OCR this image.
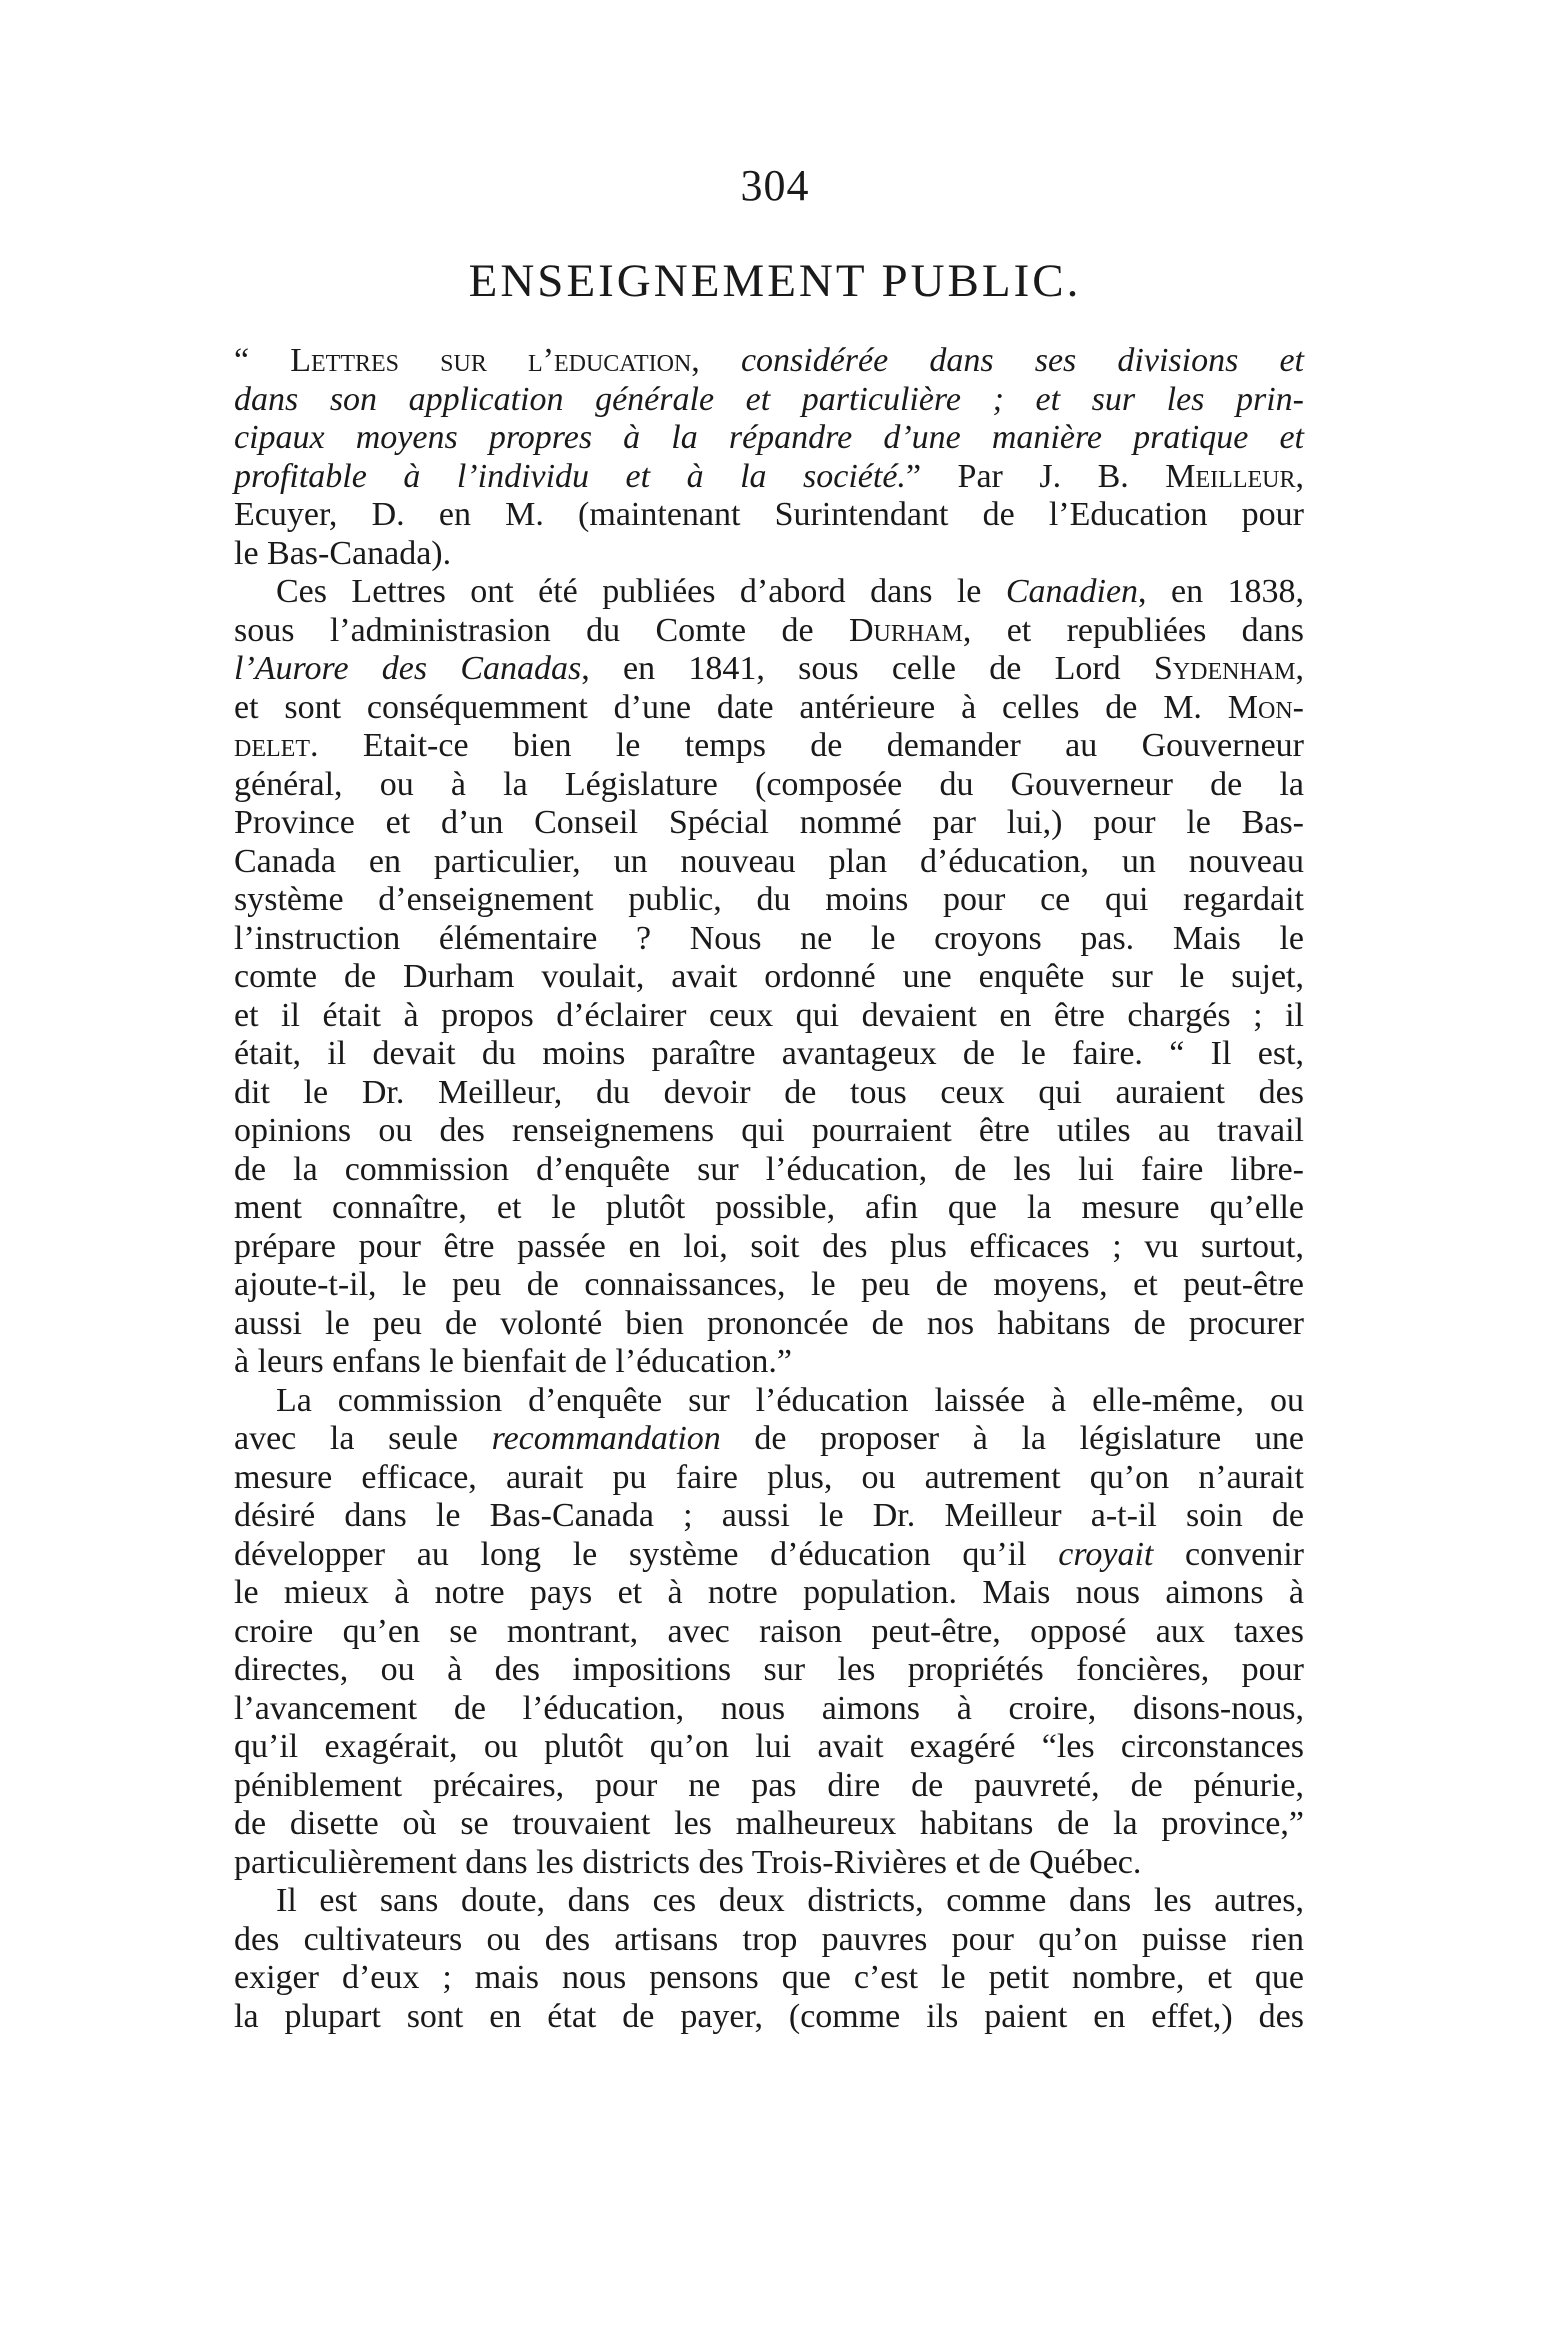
304
ENSEIGNEMENT PUBLIC.
“ Lettres sur l’education, considérée dans ses divisions et
dans son application générale et particulière ; et sur les prin-
cipaux moyens propres à la répandre d’une manière pratique et
profitable à l’individu et à la société.” Par J. B. Meilleur,
Ecuyer, D. en M. (maintenant Surintendant de l’Education pour
le Bas-Canada).
Ces Lettres ont été publiées d’abord dans le Canadien, en 1838,
sous l’administrasion du Comte de Durham, et republiées dans
l’Aurore des Canadas, en 1841, sous celle de Lord Sydenham,
et sont conséquemment d’une date antérieure à celles de M. Mon-
delet. Etait-ce bien le temps de demander au Gouverneur
général, ou à la Législature (composée du Gouverneur de la
Province et d’un Conseil Spécial nommé par lui,) pour le Bas-
Canada en particulier, un nouveau plan d’éducation, un nouveau
système d’enseignement public, du moins pour ce qui regardait
l’instruction élémentaire ? Nous ne le croyons pas. Mais le
comte de Durham voulait, avait ordonné une enquête sur le sujet,
et il était à propos d’éclairer ceux qui devaient en être chargés ; il
était, il devait du moins paraître avantageux de le faire. “ Il est,
dit le Dr. Meilleur, du devoir de tous ceux qui auraient des
opinions ou des renseignemens qui pourraient être utiles au travail
de la commission d’enquête sur l’éducation, de les lui faire libre-
ment connaître, et le plutôt possible, afin que la mesure qu’elle
prépare pour être passée en loi, soit des plus efficaces ; vu surtout,
ajoute-t-il, le peu de connaissances, le peu de moyens, et peut-être
aussi le peu de volonté bien prononcée de nos habitans de procurer
à leurs enfans le bienfait de l’éducation.”
La commission d’enquête sur l’éducation laissée à elle-même, ou
avec la seule recommandation de proposer à la législature une
mesure efficace, aurait pu faire plus, ou autrement qu’on n’aurait
désiré dans le Bas-Canada ; aussi le Dr. Meilleur a-t-il soin de
développer au long le système d’éducation qu’il croyait convenir
le mieux à notre pays et à notre population. Mais nous aimons à
croire qu’en se montrant, avec raison peut-être, opposé aux taxes
directes, ou à des impositions sur les propriétés foncières, pour
l’avancement de l’éducation, nous aimons à croire, disons-nous,
qu’il exagérait, ou plutôt qu’on lui avait exagéré “les circonstances
péniblement précaires, pour ne pas dire de pauvreté, de pénurie,
de disette où se trouvaient les malheureux habitans de la province,”
particulièrement dans les districts des Trois-Rivières et de Québec.
Il est sans doute, dans ces deux districts, comme dans les autres,
des cultivateurs ou des artisans trop pauvres pour qu’on puisse rien
exiger d’eux ; mais nous pensons que c’est le petit nombre, et que
la plupart sont en état de payer, (comme ils paient en effet,) des
